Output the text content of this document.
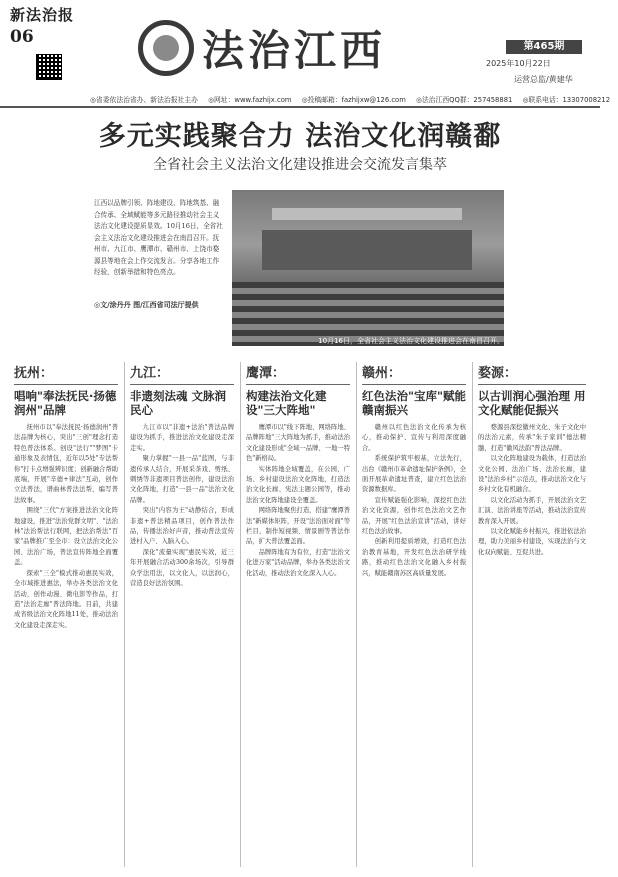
新法治报
06	法治江西	第465期
2025年10月22日
运营总监/黄建华
◎省委依法治省办、新法治报社主办 ◎网址：www.fazhijx.com ◎投稿邮箱：fazhijxw@126.com ◎法治江西QQ群：257458881 ◎联系电话：13307008212
多元实践聚合力 法治文化润赣鄱
全省社会主义法治文化建设推进会交流发言集萃
江西以品牌引领、阵地建设、阵地筑基、融合传承、全域赋能等多元路径推动社会主义法治文化建设提质显效。10月16日，全省社会主义法治文化建设推进会在南昌召开。抚州市、九江市、鹰潭市、赣州市、上饶市婺源县等地在会上作交流发言。分享各地工作经验，创新举措和特色亮点。
◎文/涂丹丹 图/江西省司法厅提供
10月16日，全省社会主义法治文化建设推进会在南昌召开。
抚州：
唱响"奉法抚民·扬德润州"品牌

抚州市以"奉法抚民·扬德润州"普法品牌为核心，突出"三创"理念打造特色普法体系。创设"法行""梦图"卡通形象及表情包，近年以5处"专法帮你"打卡点增强辨识度；创新融合帮助底端，开展"辛德+律法"互动，创作立法普法，谱曲林普法法帮，编写普法故事。

围绕"三代"方案推进法治文化阵地建设，推进"法治党群文明"、"法治林"法治帮法行联网，把法治帮法"百家"品牌推广至全市：设立法治文化公园、法治广场，普法宣传阵地全面覆盖。

探索"三全"模式推动惠民实效，全市域推进惠法，举办各类法治文化活动，创作动漫、微电影等作品，打造"法治走廊"普法阵地。目前，共建成省级法治文化阵地11处，推动法治文化建设走深走实。

九江：
非遗刻法魂 文脉润民心

九江市以"非遗+法治"普法品牌建设为抓手，推进法治文化建设走深走实。

聚力掌握"一县一品"蓝图，与非遗传承人结合，开展采茶戏、剪纸、刺绣等非遗项目普法创作，建设法治文化阵地，打造"一县一品"法治文化品牌。

突出"内容为王"动静结合，形成非遗+普法精品项目，创作普法作品，传播法治好声音，推动普法宣传进村入户、入脑入心。

深化"流量实现"惠民实效，近三年开展融合活动300余场次，引导群众学法用法，以文化人，以法润心，营造良好法治氛围。

鹰潭：
构建法治文化建设"三大阵地"

鹰潭市以"线下阵地、网络阵地、品牌阵地"三大阵地为抓手，推动法治文化建设形成"全域一品牌、一地一特色"新格局。

实体阵地全域覆盖，在公园、广场、乡村建设法治文化阵地，打造法治文化长廊、宪法主题公园等，推动法治文化阵地建设全覆盖。

网络阵地聚焦打造，搭建"鹰潭普法"新媒体矩阵，开设"法治面对面"等栏目，制作短视频、情景剧等普法作品，扩大普法覆盖面。

品牌阵地有为有位，打造"法治文化进万家"活动品牌，举办各类法治文化活动，推动法治文化深入人心。

赣州：
红色法治"宝库"赋能赣南振兴

赣州以红色法治文化传承为核心，推动保护、宣传与利用深度融合。

系统保护筑牢根基，立法先行，出台《赣州市革命遗址保护条例》，全面开展革命遗址普查，建立红色法治资源数据库。

宣传赋能强化影响，深挖红色法治文化资源，创作红色法治文艺作品，开展"红色法治宣讲"活动，讲好红色法治故事。

创新利用提质增效，打造红色法治教育基地，开发红色法治研学线路，推动红色法治文化融入乡村振兴，赋能赣南苏区高质量发展。

婺源：
以古训润心强治理 用文化赋能促振兴

婺源县深挖徽州文化、朱子文化中的法治元素，传承"朱子家训"德法精髓，打造"徽风法韵"普法品牌。

以文化阵地建设为载体，打造法治文化公园、法治广场、法治长廊，建设"法治乡村"示范点，推动法治文化与乡村文化有机融合。

以文化活动为抓手，开展法治文艺汇演、法治讲座等活动，推动法治宣传教育深入开展。

以文化赋能乡村振兴，推进依法治理，助力美丽乡村建设，实现法治与文化双向赋能、互促共进。
